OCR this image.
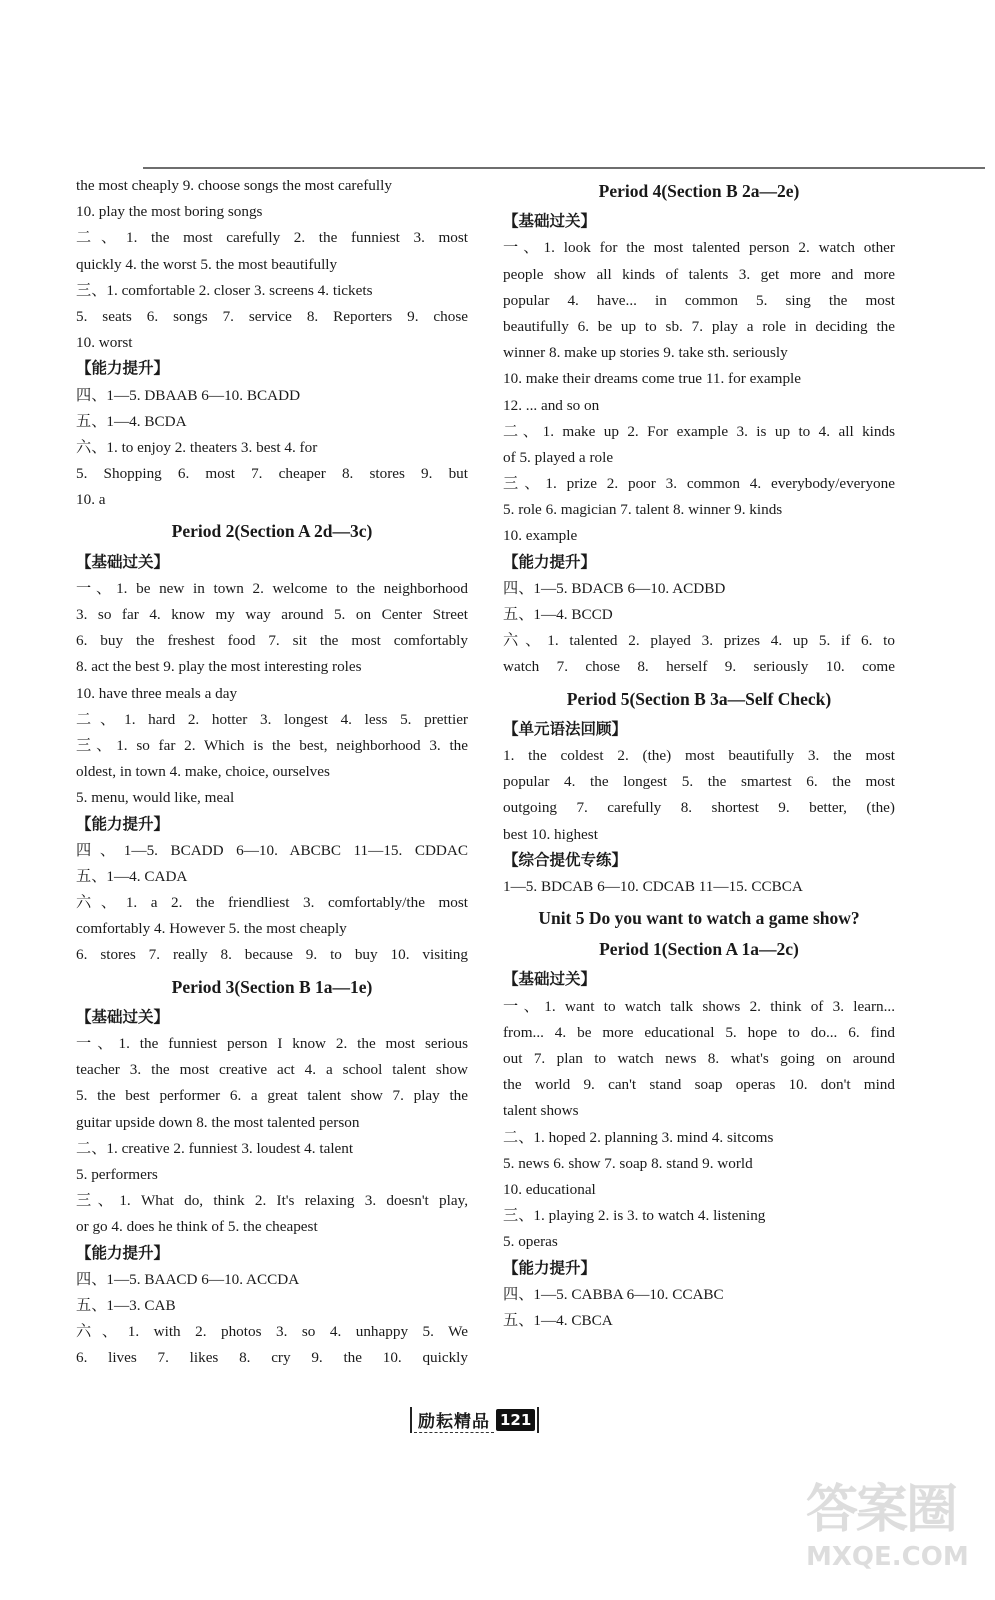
the most cheaply 9. choose songs the most carefully
10. play the most boring songs
二、1. the most carefully 2. the funniest 3. most
quickly 4. the worst 5. the most beautifully
三、1. comfortable 2. closer 3. screens 4. tickets
5. seats 6. songs 7. service 8. Reporters 9. chose
10. worst
【能力提升】
四、1—5. DBAAB 6—10. BCADD
五、1—4. BCDA
六、1. to enjoy 2. theaters 3. best 4. for
5. Shopping 6. most 7. cheaper 8. stores 9. but
10. a
Period 2(Section A 2d—3c)
【基础过关】
一、1. be new in town 2. welcome to the neighborhood
3. so far 4. know my way around 5. on Center Street
6. buy the freshest food 7. sit the most comfortably
8. act the best 9. play the most interesting roles
10. have three meals a day
二、1. hard 2. hotter 3. longest 4. less 5. prettier
三、1. so far 2. Which is the best, neighborhood 3. the
oldest, in town 4. make, choice, ourselves
5. menu, would like, meal
【能力提升】
四、1—5. BCADD 6—10. ABCBC 11—15. CDDAC
五、1—4. CADA
六、1. a 2. the friendliest 3. comfortably/the most
comfortably 4. However 5. the most cheaply
6. stores 7. really 8. because 9. to buy 10. visiting
Period 3(Section B 1a—1e)
【基础过关】
一、1. the funniest person I know 2. the most serious
teacher 3. the most creative act 4. a school talent show
5. the best performer 6. a great talent show 7. play the
guitar upside down 8. the most talented person
二、1. creative 2. funniest 3. loudest 4. talent
5. performers
三、1. What do, think 2. It's relaxing 3. doesn't play,
or go 4. does he think of 5. the cheapest
【能力提升】
四、1—5. BAACD 6—10. ACCDA
五、1—3. CAB
六、1. with 2. photos 3. so 4. unhappy 5. We
6. lives 7. likes 8. cry 9. the 10. quickly
Period 4(Section B 2a—2e)
【基础过关】
一、1. look for the most talented person 2. watch other
people show all kinds of talents 3. get more and more
popular 4. have... in common 5. sing the most
beautifully 6. be up to sb. 7. play a role in deciding the
winner 8. make up stories 9. take sth. seriously
10. make their dreams come true 11. for example
12. ... and so on
二、1. make up 2. For example 3. is up to 4. all kinds
of 5. played a role
三、1. prize 2. poor 3. common 4. everybody/everyone
5. role 6. magician 7. talent 8. winner 9. kinds
10. example
【能力提升】
四、1—5. BDACB 6—10. ACDBD
五、1—4. BCCD
六、1. talented 2. played 3. prizes 4. up 5. if 6. to
watch 7. chose 8. herself 9. seriously 10. come
Period 5(Section B 3a—Self Check)
【单元语法回顾】
1. the coldest 2. (the) most beautifully 3. the most
popular 4. the longest 5. the smartest 6. the most
outgoing 7. carefully 8. shortest 9. better, (the)
best 10. highest
【综合提优专练】
1—5. BDCAB 6—10. CDCAB 11—15. CCBCA
Unit 5 Do you want to watch a game show?
Period 1(Section A 1a—2c)
【基础过关】
一、1. want to watch talk shows 2. think of 3. learn...
from... 4. be more educational 5. hope to do... 6. find
out 7. plan to watch news 8. what's going on around
the world 9. can't stand soap operas 10. don't mind
talent shows
二、1. hoped 2. planning 3. mind 4. sitcoms
5. news 6. show 7. soap 8. stand 9. world
10. educational
三、1. playing 2. is 3. to watch 4. listening
5. operas
【能力提升】
四、1—5. CABBA 6—10. CCABC
五、1—4. CBCA
励耘精品 121
答案圈
MXQE.COM
